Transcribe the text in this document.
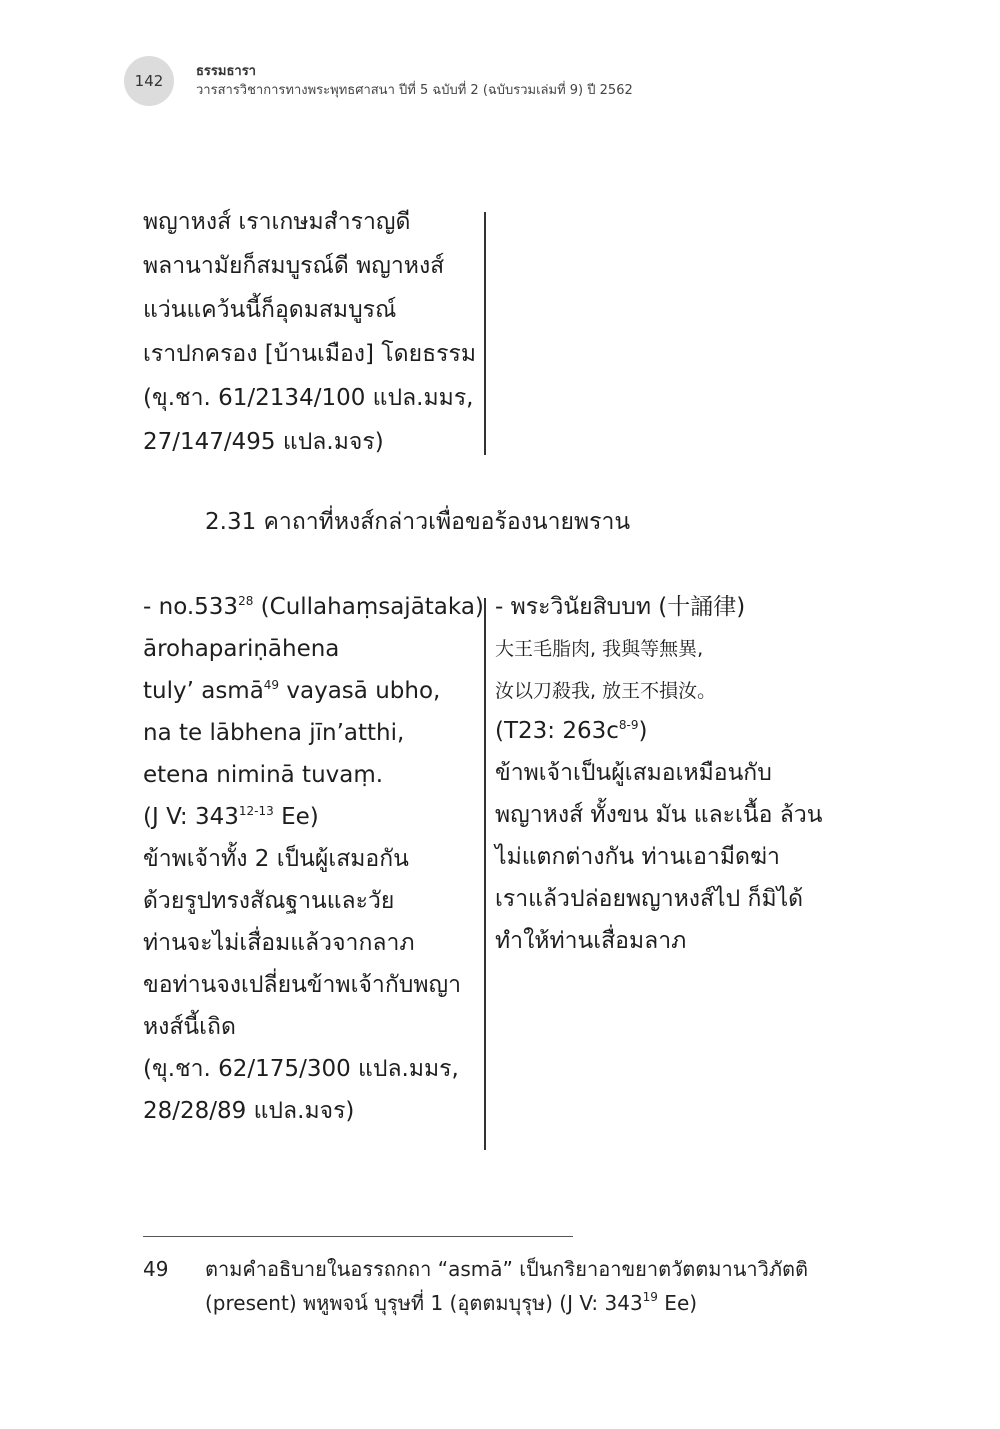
142
ธรรมธารา
วารสารวิชาการทางพระพุทธศาสนา ปีที่ 5 ฉบับที่ 2 (ฉบับรวมเล่มที่ 9) ปี 2562
พญาหงส์ เราเกษมสำราญดี
พลานามัยก็สมบูรณ์ดี พญาหงส์
แว่นแคว้นนี้ก็อุดมสมบูรณ์
เราปกครอง [บ้านเมือง] โดยธรรม
(ขุ.ชา. 61/2134/100 แปล.มมร,
27/147/495 แปล.มจร)
2.31 คาถาที่หงส์กล่าวเพื่อขอร้องนายพราน
- no.533$^{28}$ (Cullahaṃsajātaka)
ārohapariṇāhena
tuly’ asmā$^{49}$ vayasā ubho,
na te lābhena jīn’atthi,
etena niminā tuvaṃ.
(J V: 343$^{12-13}$ Ee)
ข้าพเจ้าทั้ง 2 เป็นผู้เสมอกัน
ด้วยรูปทรงสัณฐานและวัย
ท่านจะไม่เสื่อมแล้วจากลาภ
ขอท่านจงเปลี่ยนข้าพเจ้ากับพญา
หงส์นี้เถิด
(ขุ.ชา. 62/175/300 แปล.มมร,
28/28/89 แปล.มจร)
- พระวินัยสิบบท (十誦律)
大王毛脂肉, 我與等無異,
汝以刀殺我, 放王不損汝。
(T23: $263c^{8-9}$)
ข้าพเจ้าเป็นผู้เสมอเหมือนกับ
พญาหงส์ ทั้งขน มัน และเนื้อ ล้วน
ไม่แตกต่างกัน ท่านเอามีดฆ่า
เราแล้วปล่อยพญาหงส์ไป ก็มิได้
ทำให้ท่านเสื่อมลาภ
49 ตามคำอธิบายในอรรถกถา “asmā” เป็นกริยาอาขยาตวัตตมานาวิภัตติ
(present) พหูพจน์ บุรุษที่ 1 (อุตตมบุรุษ) (J V: $343^{19}$ Ee)
